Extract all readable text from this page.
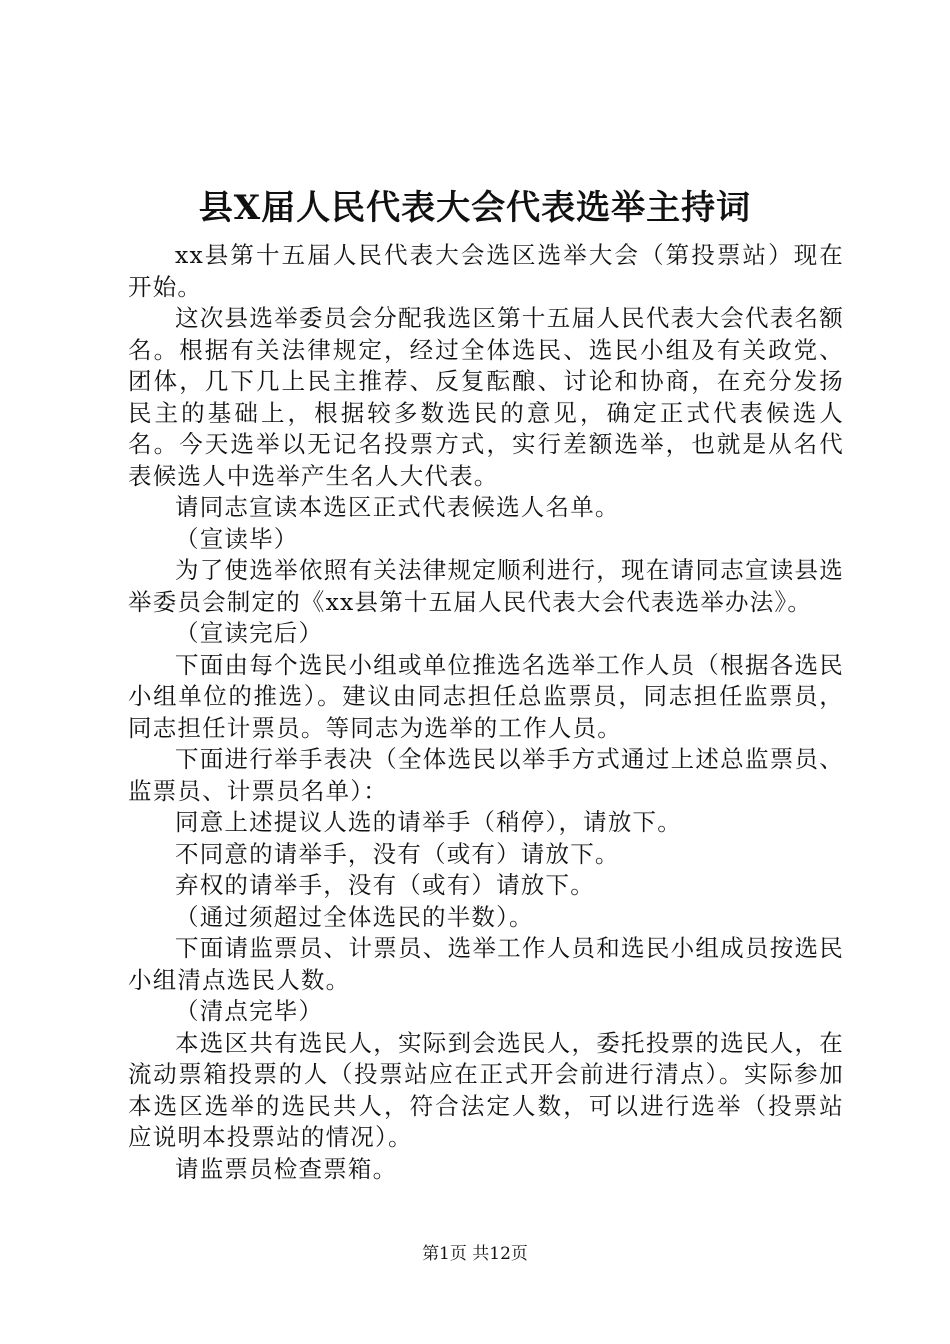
县X届人民代表大会代表选举主持词

xx县第十五届人民代表大会选区选举大会（第投票站）现在开始。

这次县选举委员会分配我选区第十五届人民代表大会代表名额名。根据有关法律规定，经过全体选民、选民小组及有关政党、团体，几下几上民主推荐、反复酝酿、讨论和协商，在充分发扬民主的基础上，根据较多数选民的意见，确定正式代表候选人名。今天选举以无记名投票方式，实行差额选举，也就是从名代表候选人中选举产生名人大代表。

请同志宣读本选区正式代表候选人名单。

（宣读毕）

为了使选举依照有关法律规定顺利进行，现在请同志宣读县选举委员会制定的《xx县第十五届人民代表大会代表选举办法》。

（宣读完后）

下面由每个选民小组或单位推选名选举工作人员（根据各选民小组单位的推选）。建议由同志担任总监票员，同志担任监票员，同志担任计票员。等同志为选举的工作人员。

下面进行举手表决（全体选民以举手方式通过上述总监票员、监票员、计票员名单）：

同意上述提议人选的请举手（稍停），请放下。

不同意的请举手，没有（或有）请放下。

弃权的请举手，没有（或有）请放下。

（通过须超过全体选民的半数）。

下面请监票员、计票员、选举工作人员和选民小组成员按选民小组清点选民人数。

（清点完毕）

本选区共有选民人，实际到会选民人，委托投票的选民人，在流动票箱投票的人（投票站应在正式开会前进行清点）。实际参加本选区选举的选民共人，符合法定人数，可以进行选举（投票站应说明本投票站的情况）。

请监票员检查票箱。

第1页 共12页
